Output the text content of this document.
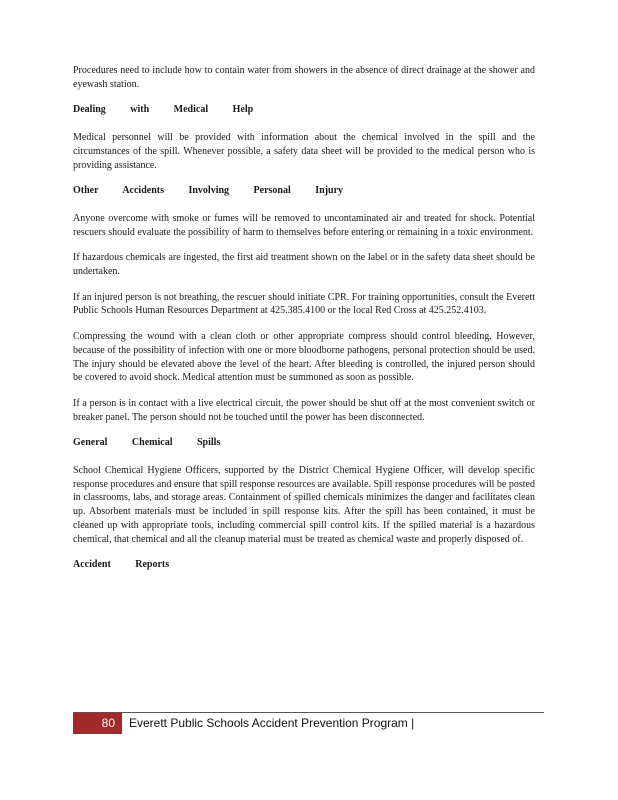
Procedures need to include how to contain water from showers in the absence of direct drainage at the shower and eyewash station.

Dealing with Medical Help

Medical personnel will be provided with information about the chemical involved in the spill and the circumstances of the spill. Whenever possible, a safety data sheet will be provided to the medical person who is providing assistance.

Other Accidents Involving Personal Injury

Anyone overcome with smoke or fumes will be removed to uncontaminated air and treated for shock. Potential rescuers should evaluate the possibility of harm to themselves before entering or remaining in a toxic environment.

If hazardous chemicals are ingested, the first aid treatment shown on the label or in the safety data sheet should be undertaken.

If an injured person is not breathing, the rescuer should initiate CPR. For training opportunities, consult the Everett Public Schools Human Resources Department at 425.385.4100 or the local Red Cross at 425.252.4103.

Compressing the wound with a clean cloth or other appropriate compress should control bleeding. However, because of the possibility of infection with one or more bloodborne pathogens, personal protection should be used. The injury should be elevated above the level of the heart. After bleeding is controlled, the injured person should be covered to avoid shock. Medical attention must be summoned as soon as possible.

If a person is in contact with a live electrical circuit, the power should be shut off at the most convenient switch or breaker panel. The person should not be touched until the power has been disconnected.

General Chemical Spills

School Chemical Hygiene Officers, supported by the District Chemical Hygiene Officer, will develop specific response procedures and ensure that spill response resources are available. Spill response procedures will be posted in classrooms, labs, and storage areas. Containment of spilled chemicals minimizes the danger and facilitates clean up. Absorbent materials must be included in spill response kits. After the spill has been contained, it must be cleaned up with appropriate tools, including commercial spill control kits. If the spilled material is a hazardous chemical, that chemical and all the cleanup material must be treated as chemical waste and properly disposed of.

Accident Reports

80	Everett Public Schools Accident Prevention Program |
